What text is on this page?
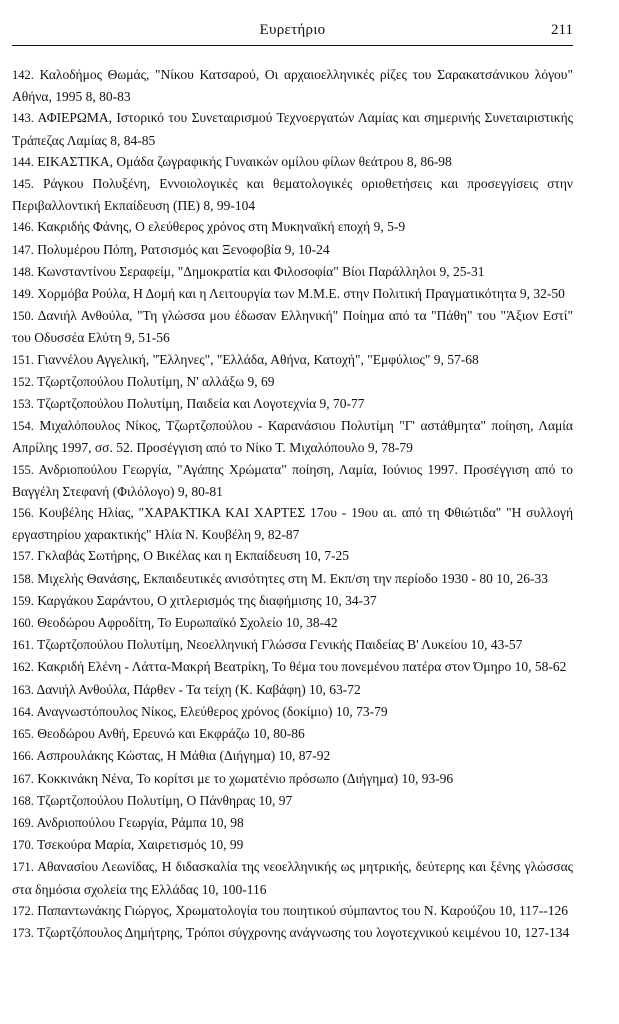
Ευρετήριο	211

142. Καλοδήμος Θωμάς, "Νίκου Κατσαρού, Οι αρχαιοελληνικές ρίζες του Σαρακατσάνικου λόγου" Αθήνα, 1995 8, 80-83

143. ΑΦΙΕΡΩΜΑ, Ιστορικό του Συνεταιρισμού Τεχνοεργατών Λαμίας και σημερινής Συνεταιριστικής Τράπεζας Λαμίας 8, 84-85

144. ΕΙΚΑΣΤΙΚΑ, Ομάδα ζωγραφικής Γυναικών ομίλου φίλων θεάτρου 8, 86-98

145. Ράγκου Πολυξένη, Εννοιολογικές και θεματολογικές οριοθετήσεις και προσεγγίσεις στην Περιβαλλοντική Εκπαίδευση (ΠΕ) 8, 99-104

146. Κακριδής Φάνης, Ο ελεύθερος χρόνος στη Μυκηναϊκή εποχή 9, 5-9

147. Πολυμέρου Πόπη, Ρατσισμός και Ξενοφοβία 9, 10-24

148. Κωνσταντίνου Σεραφείμ, "Δημοκρατία και Φιλοσοφία" Βίοι Παράλληλοι 9, 25-31

149. Χορμόβα Ρούλα, Η Δομή και η Λειτουργία των Μ.Μ.Ε. στην Πολιτική Πραγματικότητα 9, 32-50

150. Δανιήλ Ανθούλα, "Τη γλώσσα μου έδωσαν Ελληνική" Ποίημα από τα "Πάθη" του "Άξιον Εστί" του Οδυσσέα Ελύτη 9, 51-56

151. Γιαννέλου Αγγελική, "Έλληνες", "Ελλάδα, Αθήνα, Κατοχή", "Εμφύλιος" 9, 57-68

152. Τζωρτζοπούλου Πολυτίμη, Ν' αλλάξω 9, 69

153. Τζωρτζοπούλου Πολυτίμη, Παιδεία και Λογοτεχνία 9, 70-77

154. Μιχαλόπουλος Νίκος, Τζωρτζοπούλου - Καρανάσιου Πολυτίμη "Γ' αστάθμητα" ποίηση, Λαμία Απρίλης 1997, σσ. 52. Προσέγγιση από το Νίκο Τ. Μιχαλόπουλο 9, 78-79

155. Ανδριοπούλου Γεωργία, "Αγάπης Χρώματα" ποίηση, Λαμία, Ιούνιος 1997. Προσέγγιση από το Βαγγέλη Στεφανή (Φιλόλογο) 9, 80-81

156. Κουβέλης Ηλίας, "ΧΑΡΑΚΤΙΚΑ ΚΑΙ ΧΑΡΤΕΣ 17ου - 19ου αι. από τη Φθιώτιδα" "Η συλλογή εργαστηρίου χαρακτικής" Ηλία Ν. Κουβέλη 9, 82-87

157. Γκλαβάς Σωτήρης, Ο Βικέλας και η Εκπαίδευση 10, 7-25

158. Μιχελής Θανάσης, Εκπαιδευτικές ανισότητες στη Μ. Εκπ/ση την περίοδο 1930 - 80 10, 26-33

159. Καργάκου Σαράντου, Ο χιτλερισμός της διαφήμισης 10, 34-37

160. Θεοδώρου Αφροδίτη, Το Ευρωπαϊκό Σχολείο 10, 38-42

161. Τζωρτζοπούλου Πολυτίμη, Νεοελληνική Γλώσσα Γενικής Παιδείας Β' Λυκείου 10, 43-57

162. Κακριδή Ελένη - Λάττα-Μακρή Βεατρίκη, Το θέμα του πονεμένου πατέρα στον Όμηρο 10, 58-62

163. Δανιήλ Ανθούλα, Πάρθεν - Τα τείχη (Κ. Καβάφη) 10, 63-72

164. Αναγνωστόπουλος Νίκος, Ελεύθερος χρόνος (δοκίμιο) 10, 73-79

165. Θεοδώρου Ανθή, Ερευνώ και Εκφράζω 10, 80-86

166. Ασπρουλάκης Κώστας, Η Μάθια (Διήγημα) 10, 87-92

167. Κοκκινάκη Νένα, Το κορίτσι με το χωματένιο πρόσωπο (Διήγημα) 10, 93-96

168. Τζωρτζοπούλου Πολυτίμη, Ο Πάνθηρας 10, 97

169. Ανδριοπούλου Γεωργία, Ράμπα 10, 98

170. Τσεκούρα Μαρία, Χαιρετισμός 10, 99

171. Αθανασίου Λεωνίδας, Η διδασκαλία της νεοελληνικής ως μητρικής, δεύτερης και ξένης γλώσσας στα δημόσια σχολεία της Ελλάδας 10, 100-116

172. Παπαντωνάκης Γιώργος, Χρωματολογία του ποιητικού σύμπαντος του Ν. Καρούζου 10, 117--126

173. Τζωρτζόπουλος Δημήτρης, Τρόποι σύγχρονης ανάγνωσης του λογοτεχνικού κειμένου 10, 127-134
